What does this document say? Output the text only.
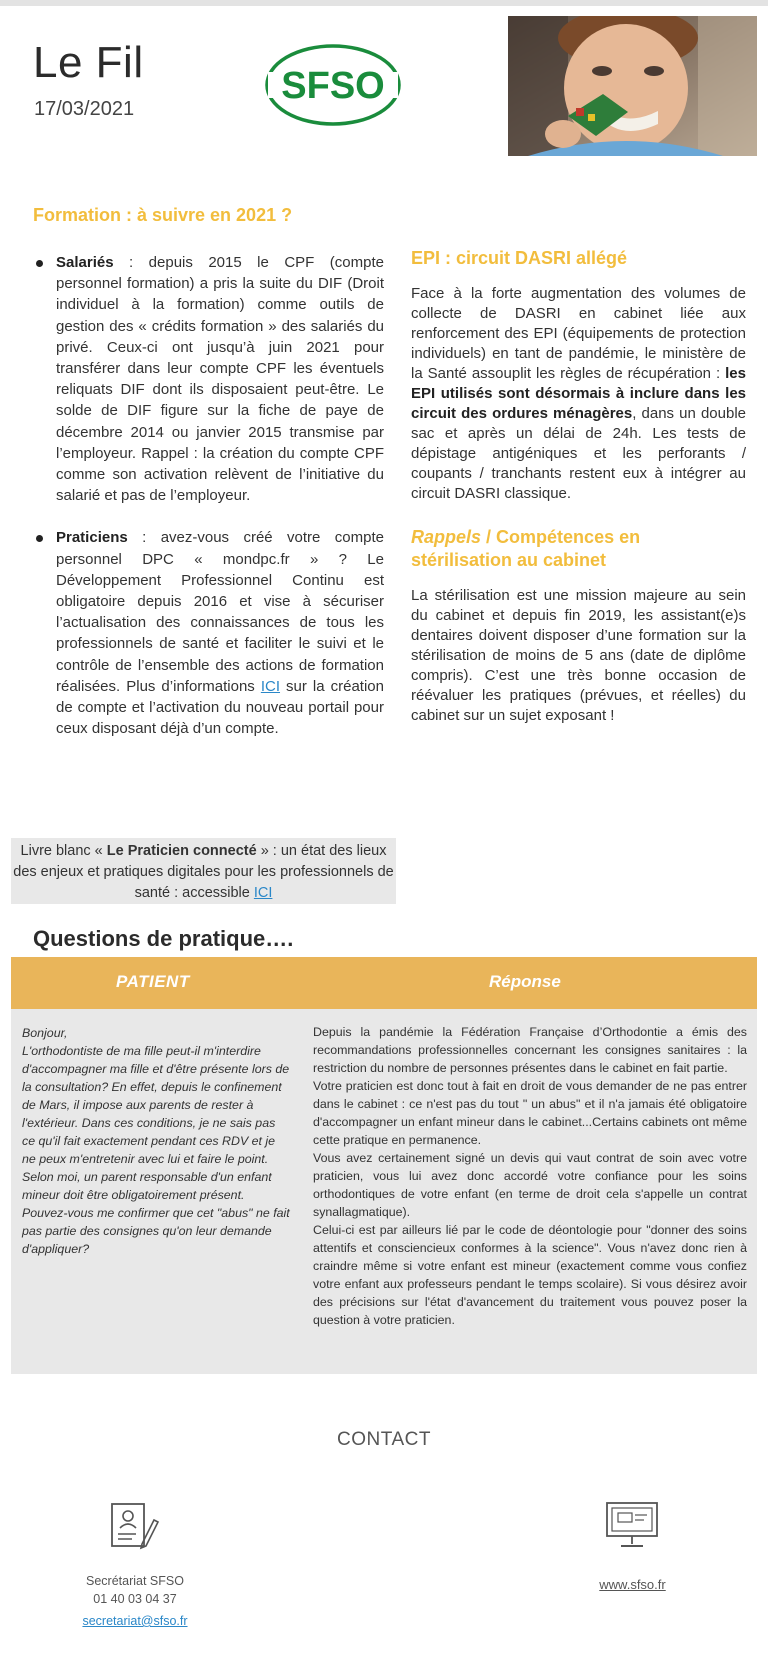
Le Fil
17/03/2021
SFSO
Formation : à suivre en 2021 ?
Salariés : depuis 2015 le CPF (compte personnel formation) a pris la suite du DIF (Droit individuel à la formation) comme outils de gestion des « crédits formation » des salariés du privé. Ceux-ci ont jusqu’à juin 2021 pour transférer dans leur compte CPF les éventuels reliquats DIF dont ils disposaient peut-être. Le solde de DIF figure sur la fiche de paye de décembre 2014 ou janvier 2015 transmise par l’employeur. Rappel : la création du compte CPF comme son activation relèvent de l’initiative du salarié et pas de l’employeur.
Praticiens : avez-vous créé votre compte personnel DPC « mondpc.fr » ? Le Développement Professionnel Continu est obligatoire depuis 2016 et vise à sécuriser l’actualisation des connaissances de tous les professionnels de santé et faciliter le suivi et le contrôle de l’ensemble des actions de formation réalisées. Plus d’informations ICI sur la création de compte et l’activation du nouveau portail pour ceux disposant déjà d’un compte.
EPI : circuit DASRI allégé
Face à la forte augmentation des volumes de collecte de DASRI en cabinet liée aux renforcement des EPI (équipements de protection individuels) en tant de pandémie, le ministère de la Santé assouplit les règles de récupération : les EPI utilisés sont désormais à inclure dans les circuit des ordures ménagères, dans un double sac et après un délai de 24h. Les tests de dépistage antigéniques et les perforants / coupants / tranchants restent eux à intégrer au circuit DASRI classique.
Rappels / Compétences en stérilisation au cabinet
La stérilisation est une mission majeure au sein du cabinet et depuis fin 2019, les assistant(e)s dentaires doivent disposer d’une formation sur la stérilisation de moins de 5 ans (date de diplôme compris). C’est une très bonne occasion de réévaluer les pratiques (prévues, et réelles) du cabinet sur un sujet exposant !
Livre blanc « Le Praticien connecté » : un état des lieux des enjeux et pratiques digitales pour les professionnels de santé : accessible ICI
Questions de pratique….
PATIENT	Réponse
Bonjour,
L'orthodontiste de ma fille peut-il m'interdire d'accompagner ma fille et d'être présente lors de la consultation? En effet, depuis le confinement de Mars, il impose aux parents de rester à l'extérieur. Dans ces conditions, je ne sais pas ce qu'il fait exactement pendant ces RDV et je ne peux m'entretenir avec lui et faire le point. Selon moi, un parent responsable d'un enfant mineur doit être obligatoirement présent. Pouvez-vous me confirmer que cet "abus" ne fait pas partie des consignes qu'on leur demande d'appliquer?

Depuis la pandémie la Fédération Française d’Orthodontie a émis des recommandations professionnelles concernant les consignes sanitaires : la restriction du nombre de personnes présentes dans le cabinet en fait partie.

Votre praticien est donc tout à fait en droit de vous demander de ne pas entrer dans le cabinet : ce n'est pas du tout " un abus" et il n'a jamais été obligatoire d'accompagner un enfant mineur dans le cabinet...Certains cabinets ont même cette pratique en permanence.

Vous avez certainement signé un devis qui vaut contrat de soin avec votre praticien, vous lui avez donc accordé votre confiance pour les soins orthodontiques de votre enfant (en terme de droit cela s'appelle un contrat synallagmatique).

Celui-ci est par ailleurs lié par le code de déontologie pour "donner des soins attentifs et consciencieux conformes à la science". Vous n'avez donc rien à craindre même si votre enfant est mineur (exactement comme vous confiez votre enfant aux professeurs pendant le temps scolaire). Si vous désirez avoir des précisions sur l'état d'avancement du traitement vous pouvez poser la question à votre praticien.

CONTACT
Secrétariat SFSO
01 40 03 04 37
secretariat@sfso.fr
www.sfso.fr
